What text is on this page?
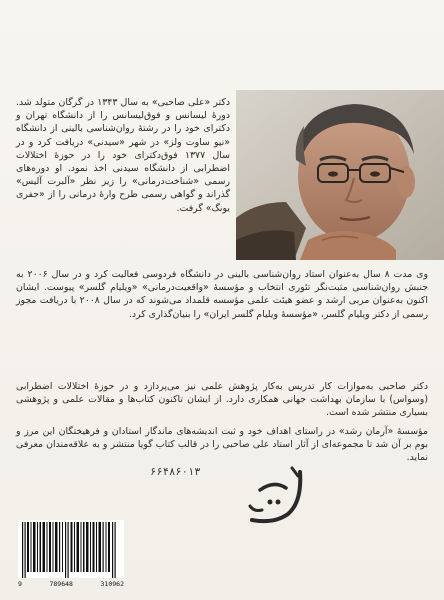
دکتر «علی صاحبی» به سال ۱۳۴۳ در گرگان متولد شد. دورهٔ لیسانس و فوق‌لیسانس را از دانشگاه تهران و دکترای خود را در رشتهٔ روان‌شناسی بالینی از دانشگاه «نیو ساوت ولز» در شهر «سیدنی» دریافت کرد و در سال ۱۳۷۷ فوق‌دکترای خود را در حوزهٔ اختلالات اضطرابی از دانشگاه سیدنی اخذ نمود. او دوره‌های رسمی «شناخت‌درمانی» را زیر نظر «آلبرت آلیس» گذراند و گواهی رسمی طرح وارهٔ درمانی را از «جفری یونگ» گرفت.

وی مدت ۸ سال به‌عنوان استاد روان‌شناسی بالینی در دانشگاه فردوسی فعالیت کرد و در سال ۲۰۰۶ به جنبش روان‌شناسی مثبت‌نگر تئوری انتخاب و مؤسسهٔ «واقعیت‌درمانی» «ویلیام گلسر» پیوست. ایشان اکنون به‌عنوان مربی ارشد و عضو هیئت علمی مؤسسه قلمداد می‌شوند که در سال ۲۰۰۸ با دریافت مجوز رسمی از دکتر ویلیام گلسر، «مؤسسهٔ ویلیام گلسر ایران» را بنیان‌گذاری کرد.

دکتر صاحبی به‌موازات کار تدریس به‌کار پژوهش علمی نیز می‌پردازد و در حوزهٔ اختلالات اضطرابی (وسواس) با سازمان بهداشت جهانی همکاری دارد. از ایشان تاکنون کتاب‌ها و مقالات علمی و پژوهشی بسیاری منتشر شده است.

مؤسسهٔ «آرمان رشد» در راستای اهداف خود و ثبت اندیشه‌های ماندگار استادان و فرهیختگان این مرز و بوم بر آن شد تا مجموعه‌ای از آثار استاد علی صاحبی را در قالب کتاب گویا منتشر و به علاقه‌مندان معرفی نماید.

۶۶۴۸۶۰۱۳
9	789648	310962
